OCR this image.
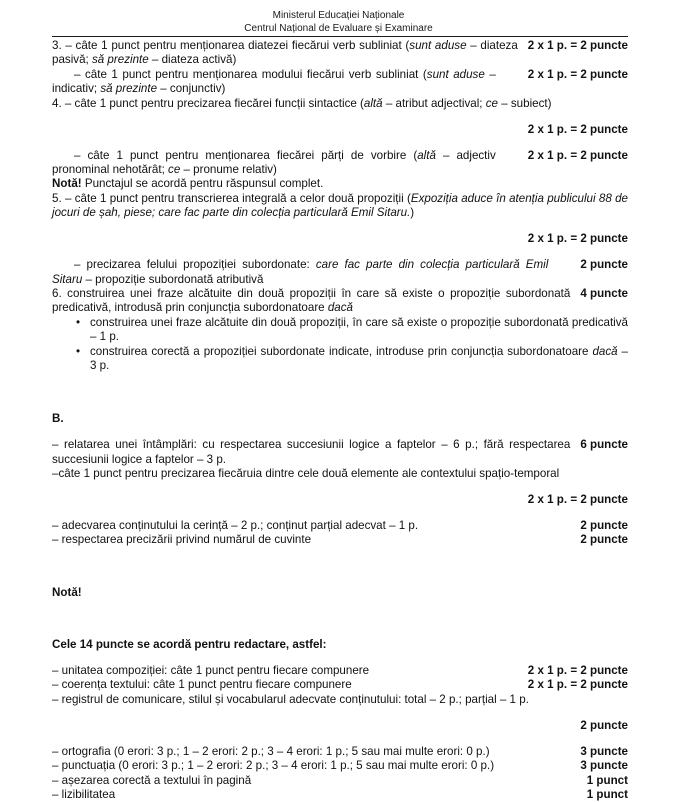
Ministerul Educației Naționale
Centrul Național de Evaluare și Examinare

2 x 1 p. = 2 puncte
3. – câte 1 punct pentru menționarea diatezei fiecărui verb subliniat (sunt aduse – diateza pasivă; să prezinte – diateza activă)

2 x 1 p. = 2 puncte
– câte 1 punct pentru menționarea modului fiecărui verb subliniat (sunt aduse – indicativ; să prezinte – conjunctiv)

4. – câte 1 punct pentru precizarea fiecărei funcții sintactice (altă – atribut adjectival; ce – subiect)

2 x 1 p. = 2 puncte

2 x 1 p. = 2 puncte
– câte 1 punct pentru menționarea fiecărei părți de vorbire (altă – adjectiv pronominal nehotărât; ce – pronume relativ)

Notă! Punctajul se acordă pentru răspunsul complet.

5. – câte 1 punct pentru transcrierea integrală a celor două propoziții (Expoziția aduce în atenția publicului 88 de jocuri de șah, piese; care fac parte din colecția particulară Emil Sitaru.)

2 x 1 p. = 2 puncte

2 puncte
– precizarea felului propoziției subordonate: care fac parte din colecția particulară Emil Sitaru – propoziție subordonată atributivă

4 puncte
6. construirea unei fraze alcătuite din două propoziții în care să existe o propoziție subordonată predicativă, introdusă prin conjuncția subordonatoare dacă

• construirea unei fraze alcătuite din două propoziții, în care să existe o propoziție subordonată predicativă – 1 p.
• construirea corectă a propoziției subordonate indicate, introduse prin conjuncția subordonatoare dacă – 3 p.

B.

6 puncte
– relatarea unei întâmplări: cu respectarea succesiunii logice a faptelor – 6 p.; fără respectarea succesiunii logice a faptelor – 3 p.

–câte 1 punct pentru precizarea fiecăruia dintre cele două elemente ale contextului spațio-temporal

2 x 1 p. = 2 puncte

2 puncte
– adecvarea conținutului la cerință – 2 p.; conținut parțial adecvat – 1 p.

2 puncte
– respectarea precizării privind numărul de cuvinte

Notă!

Cele 14 puncte se acordă pentru redactare, astfel:

2 x 1 p. = 2 puncte
– unitatea compoziției: câte 1 punct pentru fiecare compunere

2 x 1 p. = 2 puncte
– coerența textului: câte 1 punct pentru fiecare compunere

– registrul de comunicare, stilul și vocabularul adecvate conținutului: total – 2 p.; parțial – 1 p.

2 puncte

3 puncte
– ortografia (0 erori: 3 p.; 1 – 2 erori: 2 p.; 3 – 4 erori: 1 p.; 5 sau mai multe erori: 0 p.)

3 puncte
– punctuația (0 erori: 3 p.; 1 – 2 erori: 2 p.; 3 – 4 erori: 1 p.; 5 sau mai multe erori: 0 p.)

1 punct
– așezarea corectă a textului în pagină

1 punct
– lizibilitatea
